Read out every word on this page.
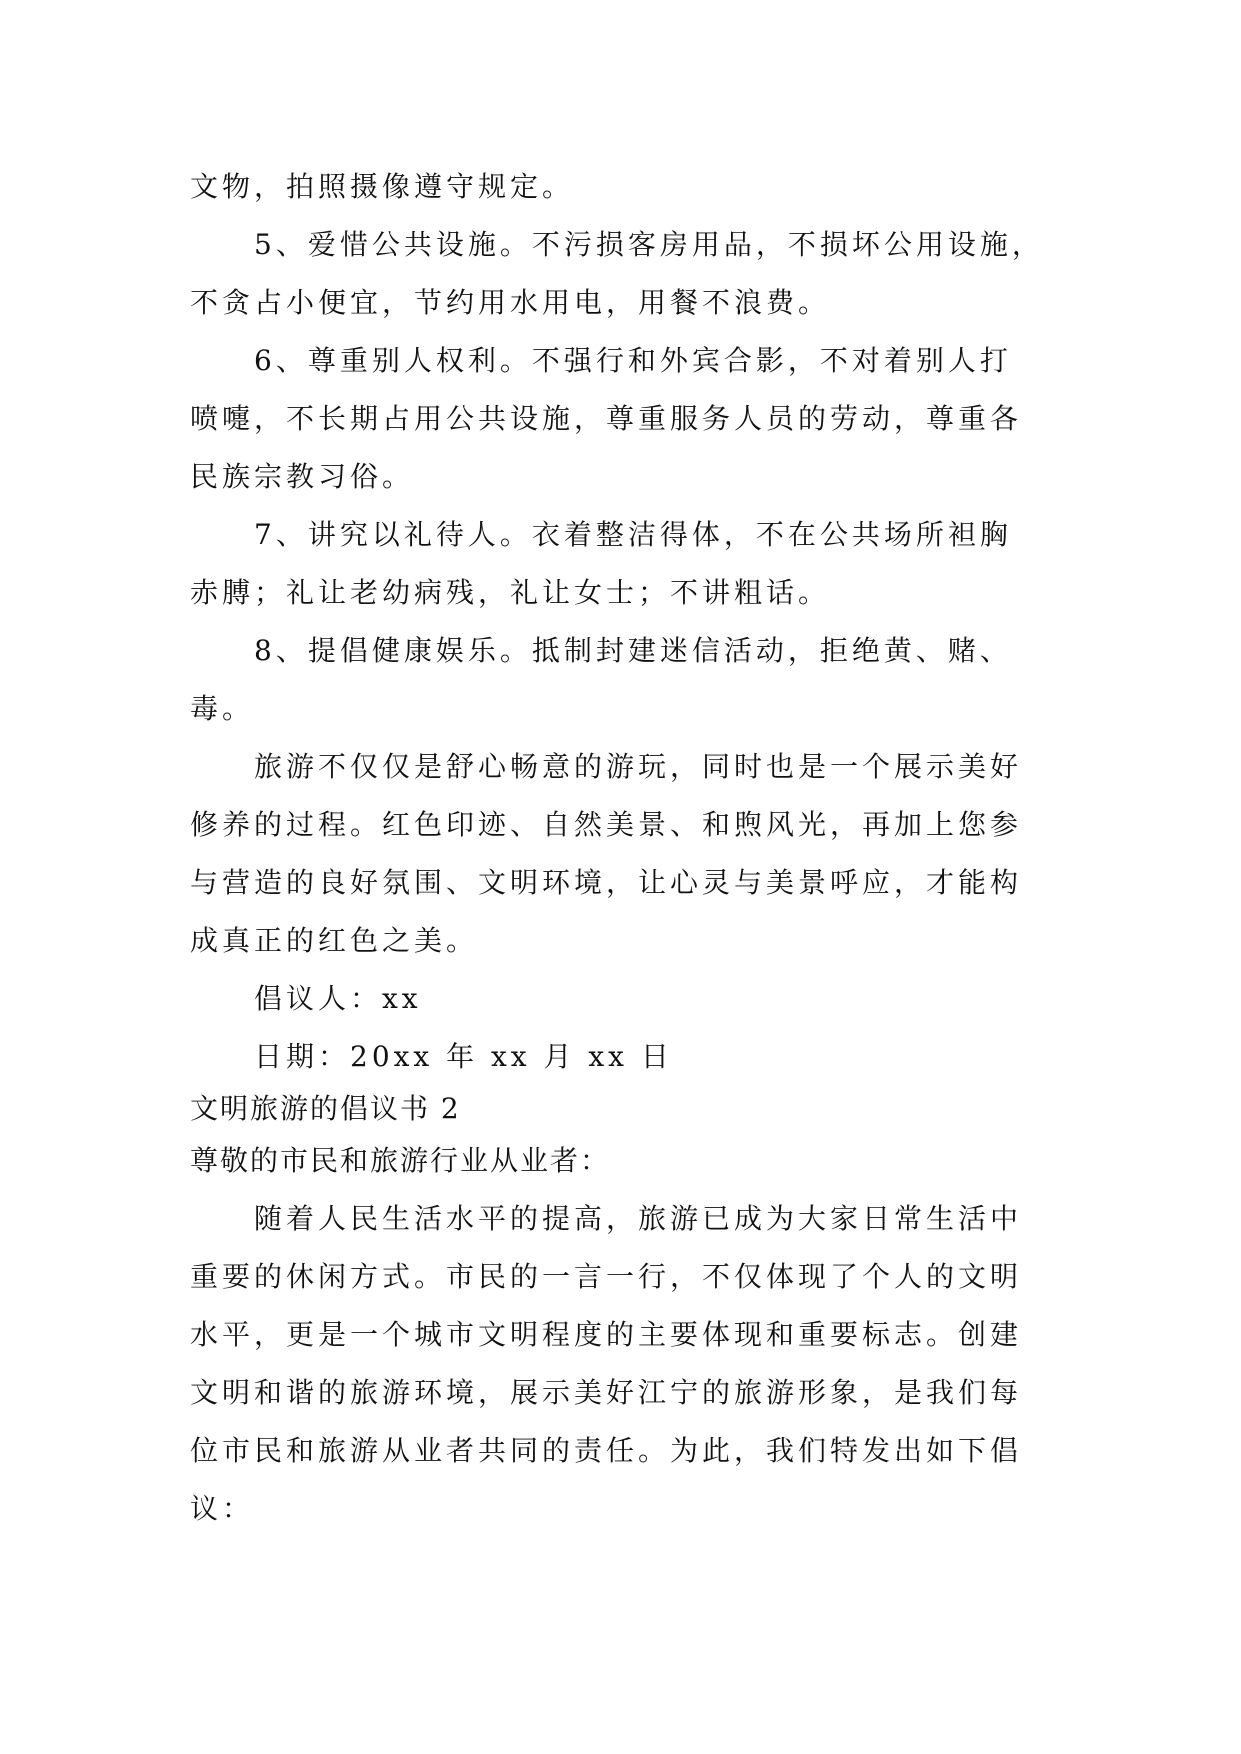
文物，拍照摄像遵守规定。
5、爱惜公共设施。不污损客房用品，不损坏公用设施，
不贪占小便宜，节约用水用电，用餐不浪费。
6、尊重别人权利。不强行和外宾合影，不对着别人打
喷嚏，不长期占用公共设施，尊重服务人员的劳动，尊重各
民族宗教习俗。
7、讲究以礼待人。衣着整洁得体，不在公共场所袒胸
赤膊；礼让老幼病残，礼让女士；不讲粗话。
8、提倡健康娱乐。抵制封建迷信活动，拒绝黄、赌、
毒。
旅游不仅仅是舒心畅意的游玩，同时也是一个展示美好
修养的过程。红色印迹、自然美景、和煦风光，再加上您参
与营造的良好氛围、文明环境，让心灵与美景呼应，才能构
成真正的红色之美。
倡议人：xx
日期：20xx 年 xx 月 xx 日
文明旅游的倡议书 2
尊敬的市民和旅游行业从业者：
随着人民生活水平的提高，旅游已成为大家日常生活中
重要的休闲方式。市民的一言一行，不仅体现了个人的文明
水平，更是一个城市文明程度的主要体现和重要标志。创建
文明和谐的旅游环境，展示美好江宁的旅游形象，是我们每
位市民和旅游从业者共同的责任。为此，我们特发出如下倡
议：
